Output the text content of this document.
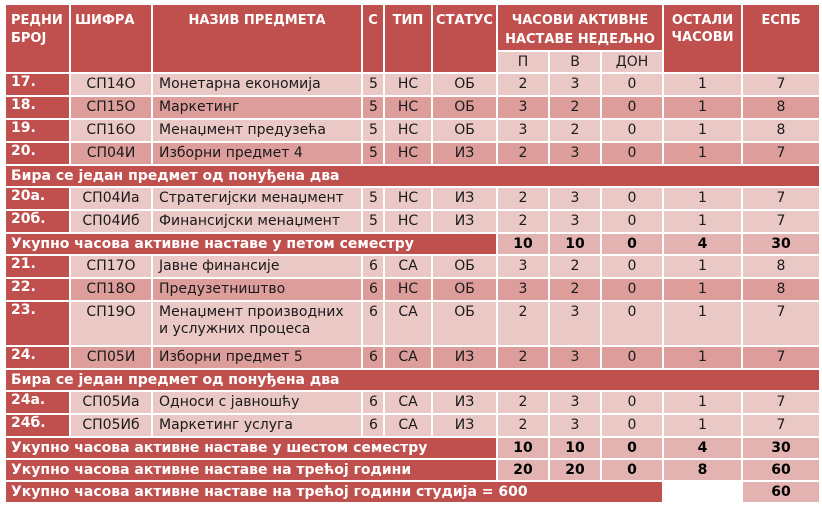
РЕДНИ БРОЈ	ШИФРА	НАЗИВ ПРЕДМЕТА	С	ТИП	СТАТУС	ЧАСОВИ АКТИВНЕ НАСТАВЕ НЕДЕЉНО			ОСТАЛИ ЧАСОВИ	ЕСПБ
						П	В	ДОН		
17.	СП14О	Монетарна економија	5	НС	ОБ	2	3	0	1	7
18.	СП15О	Маркетинг	5	НС	ОБ	3	2	0	1	8
19.	СП16О	Менаџмент предузећа	5	НС	ОБ	3	2	0	1	8
20.	СП04И	Изборни предмет 4	5	НС	ИЗ	2	3	0	1	7
Бира се један предмет од понуђена два										
20а.	СП04Иа	Стратегијски менаџмент	5	НС	ИЗ	2	3	0	1	7
20б.	СП04Иб	Финансијски менаџмент	5	НС	ИЗ	2	3	0	1	7
Укупно часова активне наставе у петом семестру						10	10	0	4	30
21.	СП17О	Јавне финансије	6	СА	ОБ	3	2	0	1	8
22.	СП18О	Предузетништво	6	НС	ОБ	3	2	0	1	8
23.	СП19О	Менаџмент производних
и услужних процеса	6	СА	ОБ	2	3	0	1	7
24.	СП05И	Изборни предмет 5	6	СА	ИЗ	2	3	0	1	7
Бира се један предмет од понуђена два										
24а.	СП05Иа	Односи с јавношћу	6	СА	ИЗ	2	3	0	1	7
24б.	СП05Иб	Маркетинг услуга	6	СА	ИЗ	2	3	0	1	7
Укупно часова активне наставе у шестом семестру						10	10	0	4	30
Укупно часова активне наставе на трећој години						20	20	0	8	60
Укупно часова активне наставе на трећој години студија = 600										60
